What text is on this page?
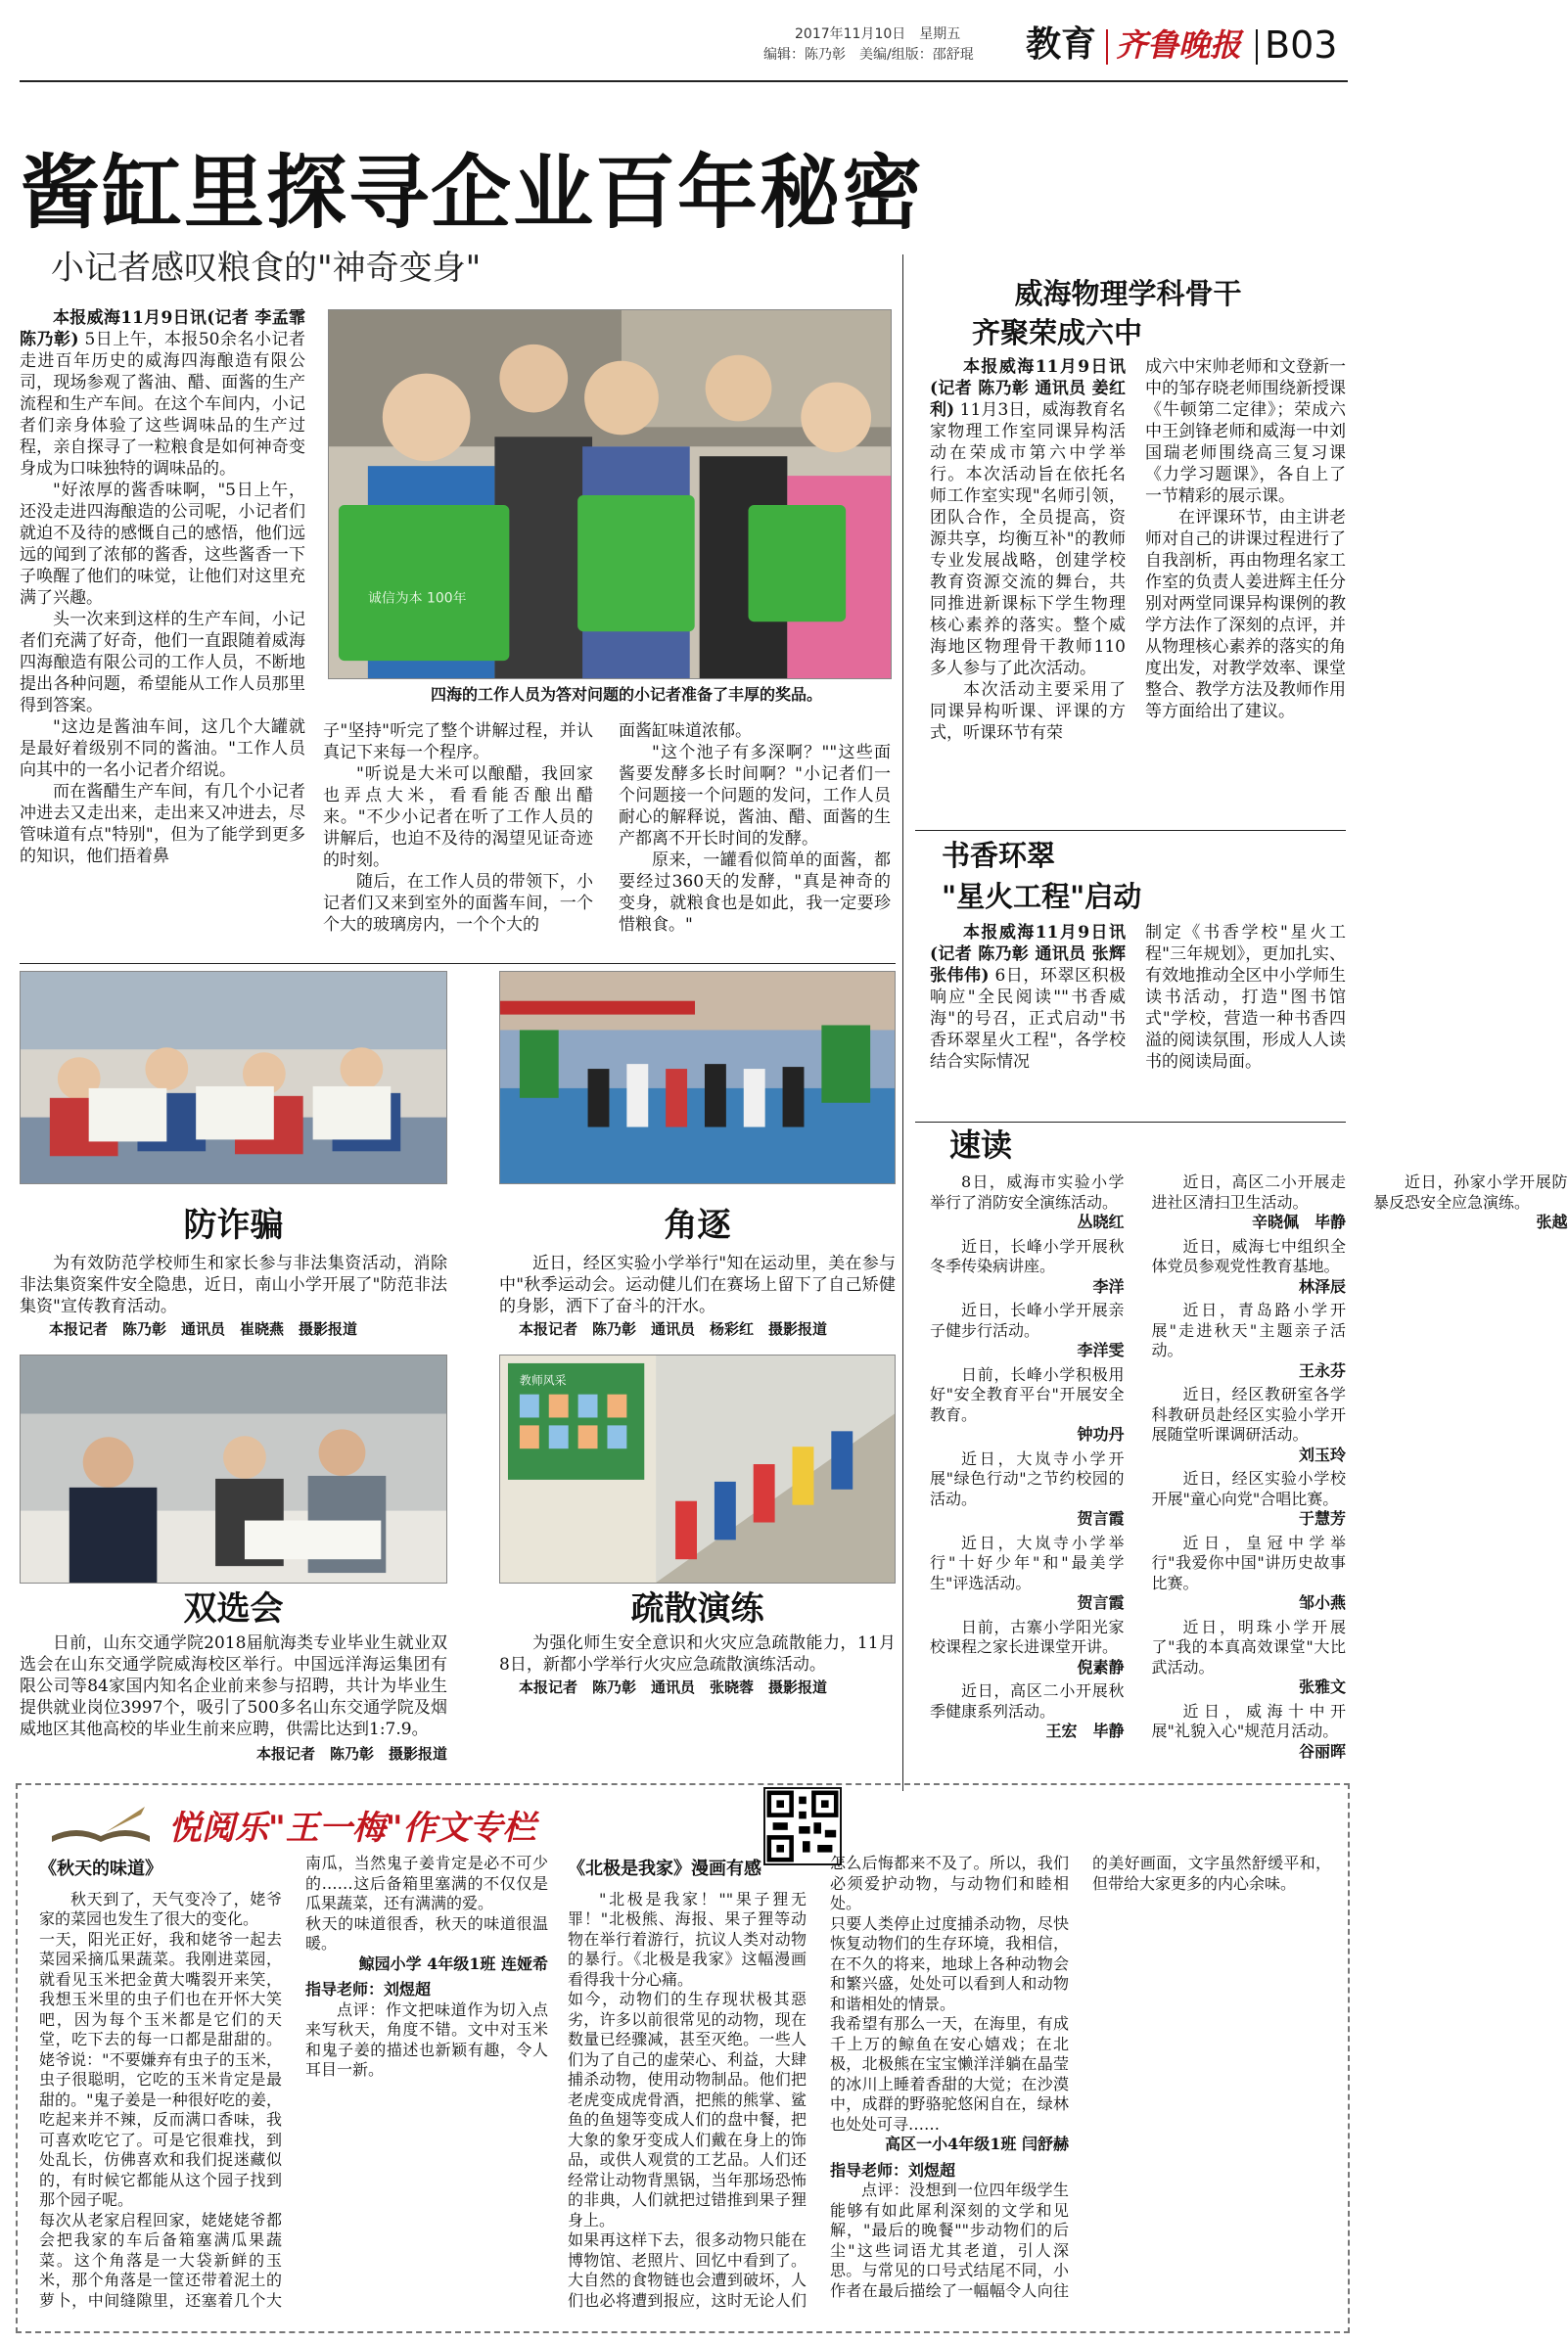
2017年11月10日　 星期五
编辑：陈乃彰　美编/组版：邵舒琨	教育 齐鲁晚报 B03
酱缸里探寻企业百年秘密
小记者感叹粮食的"神奇变身"

本报威海11月9日讯(记者 李孟霏 陈乃彰) 5日上午，本报50余名小记者走进百年历史的威海四海酿造有限公司，现场参观了酱油、醋、面酱的生产流程和生产车间。在这个车间内，小记者们亲身体验了这些调味品的生产过程，亲自探寻了一粒粮食是如何神奇变身成为口味独特的调味品的。

"好浓厚的酱香味啊，"5日上午，还没走进四海酿造的公司呢，小记者们就迫不及待的感慨自己的感悟，他们远远的闻到了浓郁的酱香，这些酱香一下子唤醒了他们的味觉，让他们对这里充满了兴趣。

头一次来到这样的生产车间，小记者们充满了好奇，他们一直跟随着威海四海酿造有限公司的工作人员，不断地提出各种问题，希望能从工作人员那里得到答案。

"这边是酱油车间，这几个大罐就是最好着级别不同的酱油。"工作人员向其中的一名小记者介绍说。

而在酱醋生产车间，有几个小记者冲进去又走出来，走出来又冲进去，尽管味道有点"特别"，但为了能学到更多的知识，他们捂着鼻

诚信为本 100年
四海的工作人员为答对问题的小记者准备了丰厚的奖品。

子"坚持"听完了整个讲解过程，并认真记下来每一个程序。

"听说是大米可以酿醋，我回家也弄点大米，看看能否酿出醋来。"不少小记者在听了工作人员的讲解后，也迫不及待的渴望见证奇迹的时刻。

随后，在工作人员的带领下，小记者们又来到室外的面酱车间，一个个大的玻璃房内，一个个大的

面酱缸味道浓郁。

"这个池子有多深啊？""这些面酱要发酵多长时间啊？"小记者们一个问题接一个问题的发问，工作人员耐心的解释说，酱油、醋、面酱的生产都离不开长时间的发酵。

原来，一罐看似简单的面酱，都要经过360天的发酵，"真是神奇的变身，就粮食也是如此，我一定要珍惜粮食。"

威海物理学科骨干
齐聚荣成六中

本报威海11月9日讯(记者 陈乃彰 通讯员 姜红利) 11月3日，威海教育名家物理工作室同课异构活动在荣成市第六中学举行。本次活动旨在依托名师工作室实现"名师引领，团队合作，全员提高，资源共享，均衡互补"的教师专业发展战略，创建学校教育资源交流的舞台，共同推进新课标下学生物理核心素养的落实。整个威海地区物理骨干教师110多人参与了此次活动。

本次活动主要采用了同课异构听课、评课的方式，听课环节有荣

成六中宋帅老师和文登新一中的邹存晓老师围绕新授课《牛顿第二定律》；荣成六中王剑锋老师和威海一中刘国瑞老师围绕高三复习课《力学习题课》，各自上了一节精彩的展示课。

在评课环节，由主讲老师对自己的讲课过程进行了自我剖析，再由物理名家工作室的负责人姜进辉主任分别对两堂同课异构课例的教学方法作了深刻的点评，并从物理核心素养的落实的角度出发，对教学效率、课堂整合、教学方法及教师作用等方面给出了建议。

书香环翠
"星火工程"启动

本报威海11月9日讯(记者 陈乃彰 通讯员 张辉 张伟伟) 6日，环翠区积极响应"全民阅读""书香威海"的号召，正式启动"书香环翠星火工程"，各学校结合实际情况

制定《书香学校"星火工程"三年规划》，更加扎实、有效地推动全区中小学师生读书活动，打造"图书馆式"学校，营造一种书香四溢的阅读氛围，形成人人读书的阅读局面。

速读

8日，威海市实验小学举行了消防安全演练活动。

丛晓红

近日，长峰小学开展秋冬季传染病讲座。

李洋

近日，长峰小学开展亲子健步行活动。

李洋雯

日前，长峰小学积极用好"安全教育平台"开展安全教育。

钟功丹

近日，大岚寺小学开展"绿色行动"之节约校园的活动。

贺言霞

近日，大岚寺小学举行"十好少年"和"最美学生"评选活动。

贺言霞

日前，古寨小学阳光家校课程之家长进课堂开讲。

倪素静

近日，高区二小开展秋季健康系列活动。

王宏　毕静

近日，高区二小开展走进社区清扫卫生活动。

辛晓佩　毕静

近日，威海七中组织全体党员参观党性教育基地。

林泽辰

近日，青岛路小学开展"走进秋天"主题亲子活动。

王永芬

近日，经区教研室各学科教研员赴经区实验小学开展随堂听课调研活动。

刘玉玲

近日，经区实验小学校开展"童心向党"合唱比赛。

于慧芳

近日，皇冠中学举行"我爱你中国"讲历史故事比赛。

邹小燕

近日，明珠小学开展了"我的本真高效课堂"大比武活动。

张雅文

近日，威海十中开展"礼貌入心"规范月活动。

谷丽晖

近日，孙家小学开展防暴反恐安全应急演练。

张越
防诈骗

为有效防范学校师生和家长参与非法集资活动，消除非法集资案件安全隐患，近日，南山小学开展了"防范非法集资"宣传教育活动。

本报记者　陈乃彰　通讯员　崔晓燕　摄影报道
角逐

近日，经区实验小学举行"知在运动里，美在参与中"秋季运动会。运动健儿们在赛场上留下了自己矫健的身影，洒下了奋斗的汗水。

本报记者　陈乃彰　通讯员　杨彩红　摄影报道
双选会

日前，山东交通学院2018届航海类专业毕业生就业双选会在山东交通学院威海校区举行。中国远洋海运集团有限公司等84家国内知名企业前来参与招聘，共计为毕业生提供就业岗位3997个，吸引了500多名山东交通学院及烟威地区其他高校的毕业生前来应聘，供需比达到1:7.9。

本报记者　陈乃彰　摄影报道
教师风采
疏散演练

为强化师生安全意识和火灾应急疏散能力，11月8日，新都小学举行火灾应急疏散演练活动。

本报记者　陈乃彰　通讯员　张晓蓉　摄影报道
悦阅乐"王一梅"作文专栏
《秋天的味道》
秋天到了，天气变冷了，姥爷家的菜园也发生了很大的变化。
一天，阳光正好，我和姥爷一起去菜园采摘瓜果蔬菜。我刚进菜园，就看见玉米把金黄大嘴裂开来笑，我想玉米里的虫子们也在开怀大笑吧，因为每个玉米都是它们的天堂，吃下去的每一口都是甜甜的。姥爷说："不要嫌弃有虫子的玉米，虫子很聪明，它吃的玉米肯定是最甜的。"鬼子姜是一种很好吃的姜，吃起来并不辣，反而满口香味，我可喜欢吃它了。可是它很难找，到处乱长，仿佛喜欢和我们捉迷藏似的，有时候它都能从这个园子找到那个园子呢。
每次从老家启程回家，姥姥姥爷都会把我家的车后备箱塞满瓜果蔬菜。这个角落是一大袋新鲜的玉米，那个角落是一筐还带着泥土的萝卜，中间缝隙里，还塞着几个大南瓜，当然鬼子姜肯定是必不可少的……这后备箱里塞满的不仅仅是瓜果蔬菜，还有满满的爱。
秋天的味道很香，秋天的味道很温暖。
鲸园小学 4年级1班 连娅希
指导老师：刘煜超

点评：作文把味道作为切入点来写秋天，角度不错。文中对玉米和鬼子姜的描述也新颖有趣，令人耳目一新。

《北极是我家》漫画有感
"北极是我家！""果子狸无罪！"北极熊、海报、果子狸等动物在举行着游行，抗议人类对动物的暴行。《北极是我家》这幅漫画看得我十分心痛。
如今，动物们的生存现状极其惡劣，许多以前很常见的动物，现在数量已经骤减，甚至灭绝。一些人们为了自己的虚荣心、利益，大肆捕杀动物，使用动物制品。他们把老虎变成虎骨酒，把熊的熊掌、鲨鱼的鱼翅等变成人们的盘中餐，把大象的象牙变成人们戴在身上的饰品，或供人观赏的工艺品。人们还经常让动物背黑锅，当年那场恐怖的非典，人们就把过错推到果子狸身上。
如果再这样下去，很多动物只能在博物馆、老照片、回忆中看到了。大自然的食物链也会遭到破坏，人们也必将遭到报应，这时无论人们怎么后悔都来不及了。所以，我们必须爱护动物，与动物们和睦相处。
只要人类停止过度捕杀动物，尽快恢复动物们的生存环境，我相信，在不久的将来，地球上各种动物会和繁兴盛，处处可以看到人和动物和谐相处的情景。
我希望有那么一天，在海里，有成千上万的鲸鱼在安心嬉戏；在北极，北极熊在宝宝懒洋洋躺在晶莹的冰川上睡着香甜的大觉；在沙漠中，成群的野骆驼悠闲自在，绿林也处处可寻……
高区一小4年级1班 闫舒赫
指导老师：刘煜超

点评：没想到一位四年级学生能够有如此犀利深刻的文学和见解，"最后的晚餐""步动物们的后尘"这些词语尤其老道，引人深思。与常见的口号式结尾不同，小作者在最后描绘了一幅幅令人向往的美好画面，文字虽然舒缓平和，但带给大家更多的内心余味。
